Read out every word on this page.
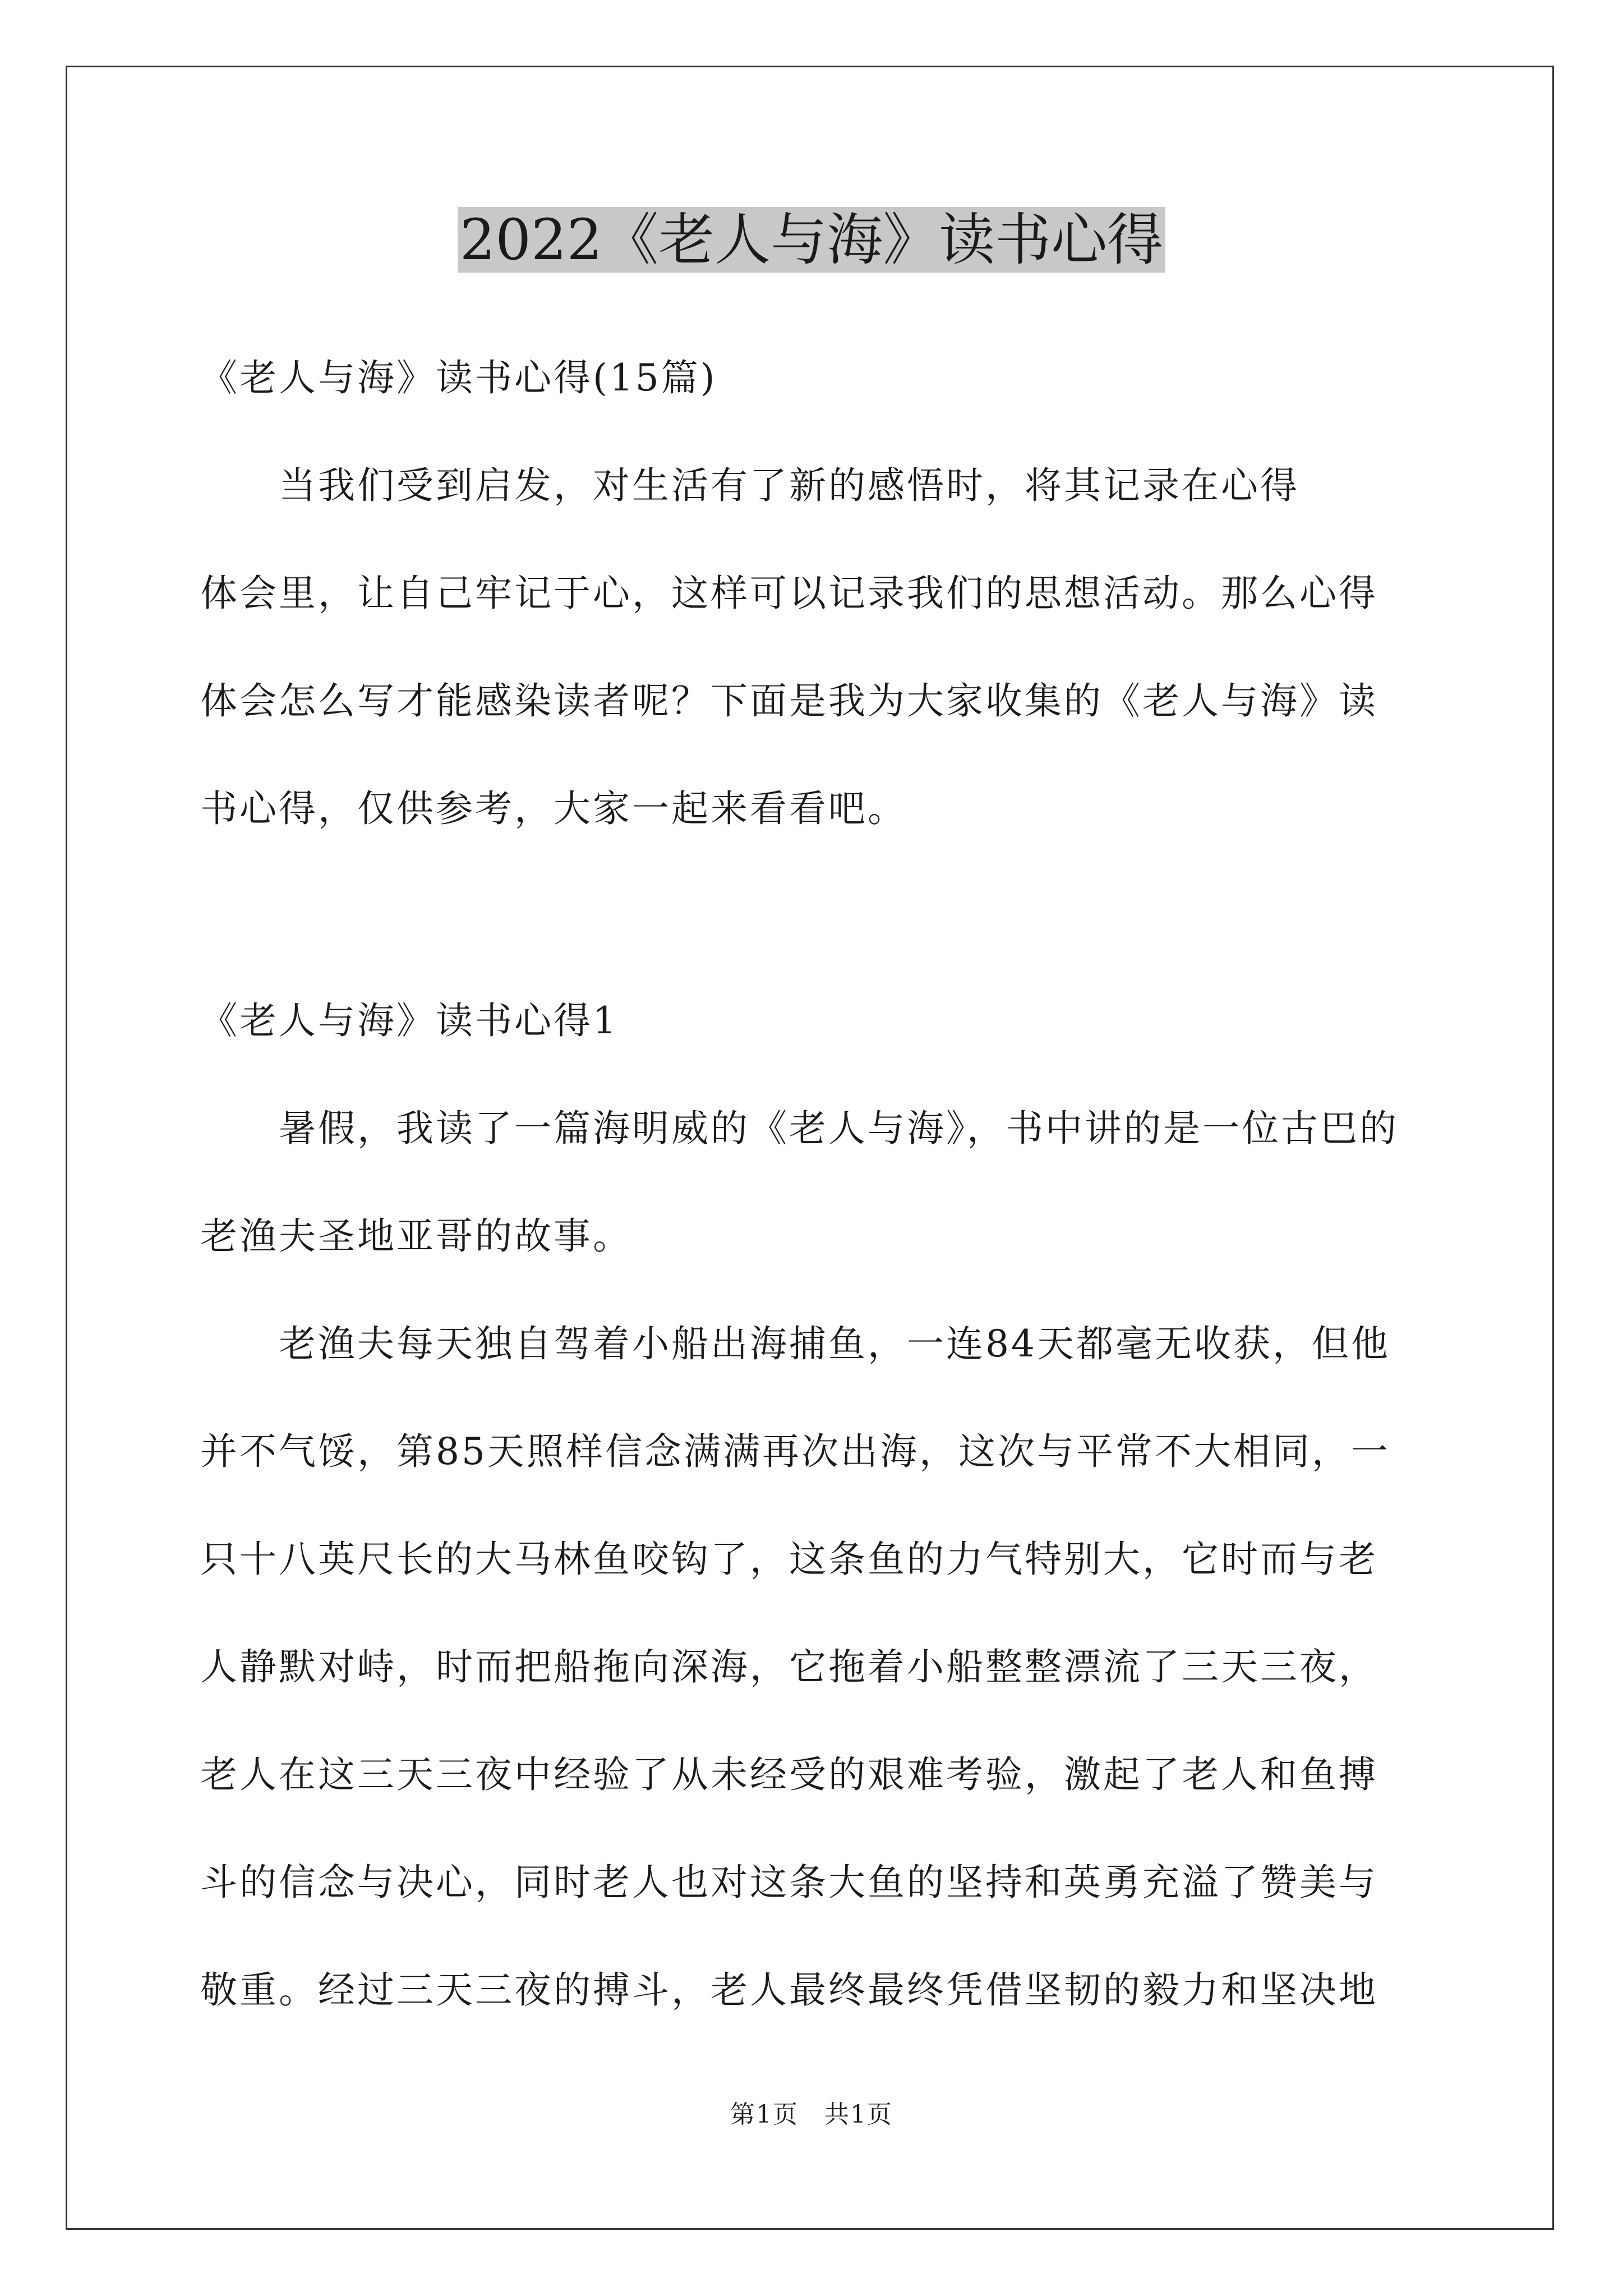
2022《老人与海》读书心得
《老人与海》读书心得(15篇)
　　当我们受到启发，对生活有了新的感悟时，将其记录在心得
体会里，让自己牢记于心，这样可以记录我们的思想活动。那么心得
体会怎么写才能感染读者呢？下面是我为大家收集的《老人与海》读
书心得，仅供参考，大家一起来看看吧。
《老人与海》读书心得1
　　暑假，我读了一篇海明威的《老人与海》，书中讲的是一位古巴的
老渔夫圣地亚哥的故事。
　　老渔夫每天独自驾着小船出海捕鱼，一连84天都毫无收获，但他
并不气馁，第85天照样信念满满再次出海，这次与平常不大相同，一
只十八英尺长的大马林鱼咬钩了，这条鱼的力气特别大，它时而与老
人静默对峙，时而把船拖向深海，它拖着小船整整漂流了三天三夜，
老人在这三天三夜中经验了从未经受的艰难考验，激起了老人和鱼搏
斗的信念与决心，同时老人也对这条大鱼的坚持和英勇充溢了赞美与
敬重。经过三天三夜的搏斗，老人最终最终凭借坚韧的毅力和坚决地
第1页　共1页
